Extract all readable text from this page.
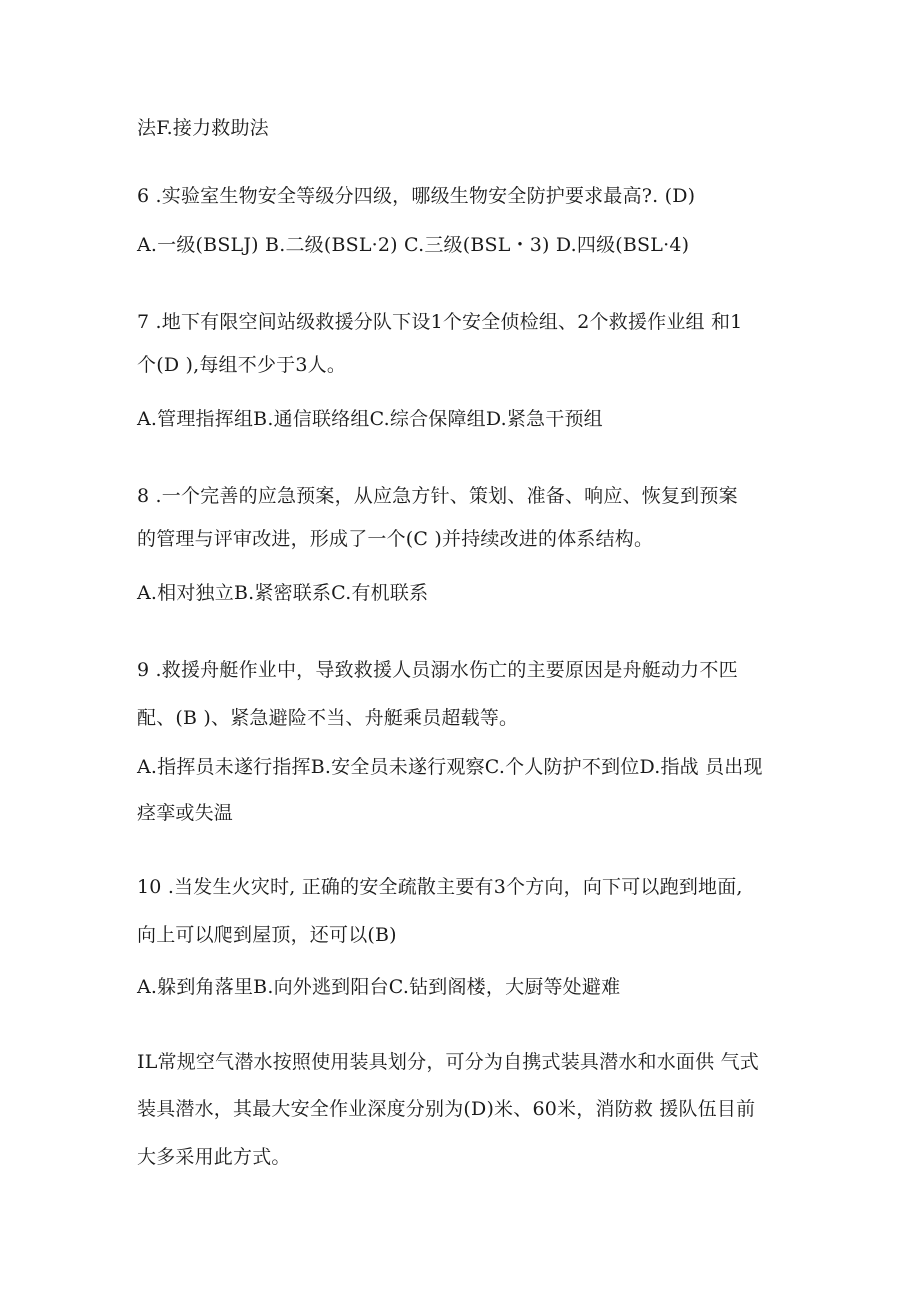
法F.接力救助法
6 .实验室生物安全等级分四级，哪级生物安全防护要求最高?. (D)
A.一级(BSLJ) B.二级(BSL·2) C.三级(BSL・3) D.四级(BSL·4)
7 .地下有限空间站级救援分队下设1个安全侦检组、2个救援作业组 和1
个(D ),每组不少于3人。
A.管理指挥组B.通信联络组C.综合保障组D.紧急干预组
8 .一个完善的应急预案，从应急方针、策划、准备、响应、恢复到预案
的管理与评审改进，形成了一个(C )并持续改进的体系结构。
A.相对独立B.紧密联系C.有机联系
9 .救援舟艇作业中，导致救援人员溺水伤亡的主要原因是舟艇动力不匹
配、(B )、紧急避险不当、舟艇乘员超载等。
A.指挥员未遂行指挥B.安全员未遂行观察C.个人防护不到位D.指战 员出现
痉挛或失温
10 .当发生火灾时, 正确的安全疏散主要有3个方向，向下可以跑到地面,
向上可以爬到屋顶，还可以(B)
A.躲到角落里B.向外逃到阳台C.钻到阁楼，大厨等处避难
IL常规空气潜水按照使用装具划分，可分为自携式装具潜水和水面供 气式
装具潜水，其最大安全作业深度分别为(D)米、60米，消防救 援队伍目前
大多采用此方式。
